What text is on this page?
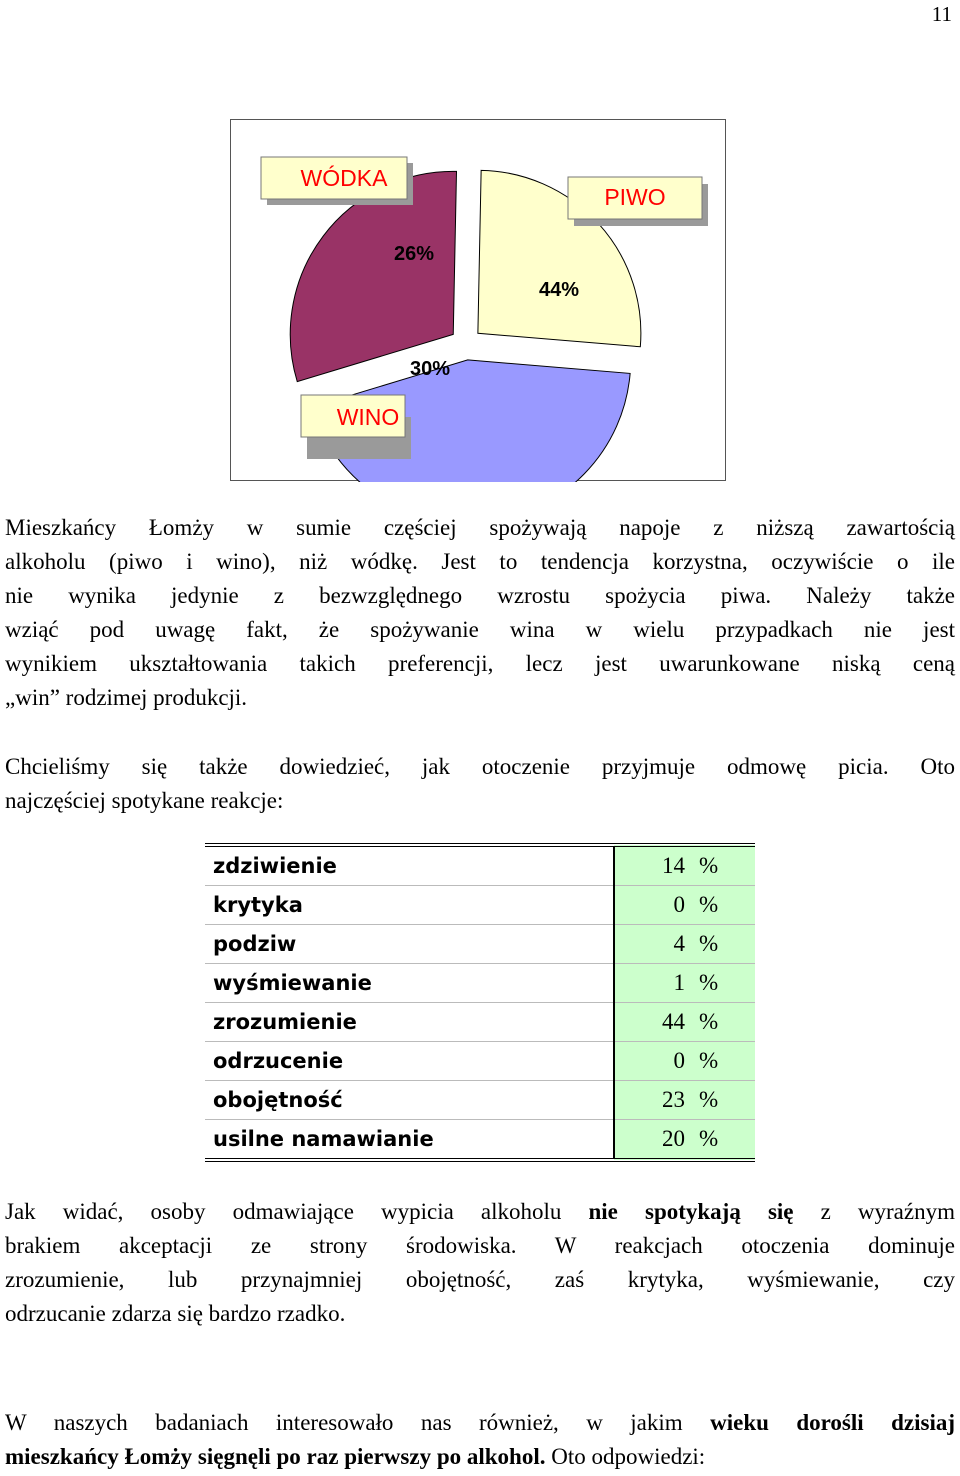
11
WÓDKA
PIWO
WINO
26%
44%
30%
Mieszkańcy Łomży w sumie częściej spożywają napoje z niższą zawartością
alkoholu (piwo i wino), niż wódkę. Jest to tendencja korzystna, oczywiście o ile
nie wynika jedynie z bezwzględnego wzrostu spożycia piwa. Należy także
wziąć pod uwagę fakt, że spożywanie wina w wielu przypadkach nie jest
wynikiem ukształtowania takich preferencji, lecz jest uwarunkowane niską ceną
„win” rodzimej produkcji.
Chcieliśmy się także dowiedzieć, jak otoczenie przyjmuje odmowę picia. Oto
najczęściej spotykane reakcje:
zdziwienie	14 %
krytyka	0 %
podziw	4 %
wyśmiewanie	1 %
zrozumienie	44 %
odrzucenie	0 %
obojętność	23 %
usilne namawianie	20 %
Jak widać, osoby odmawiające wypicia alkoholu nie spotykają się z wyraźnym
brakiem akceptacji ze strony środowiska. W reakcjach otoczenia dominuje
zrozumienie, lub przynajmniej obojętność, zaś krytyka, wyśmiewanie, czy
odrzucanie zdarza się bardzo rzadko.
W naszych badaniach interesowało nas również, w jakim wieku dorośli dzisiaj
mieszkańcy Łomży sięgnęli po raz pierwszy po alkohol. Oto odpowiedzi:
